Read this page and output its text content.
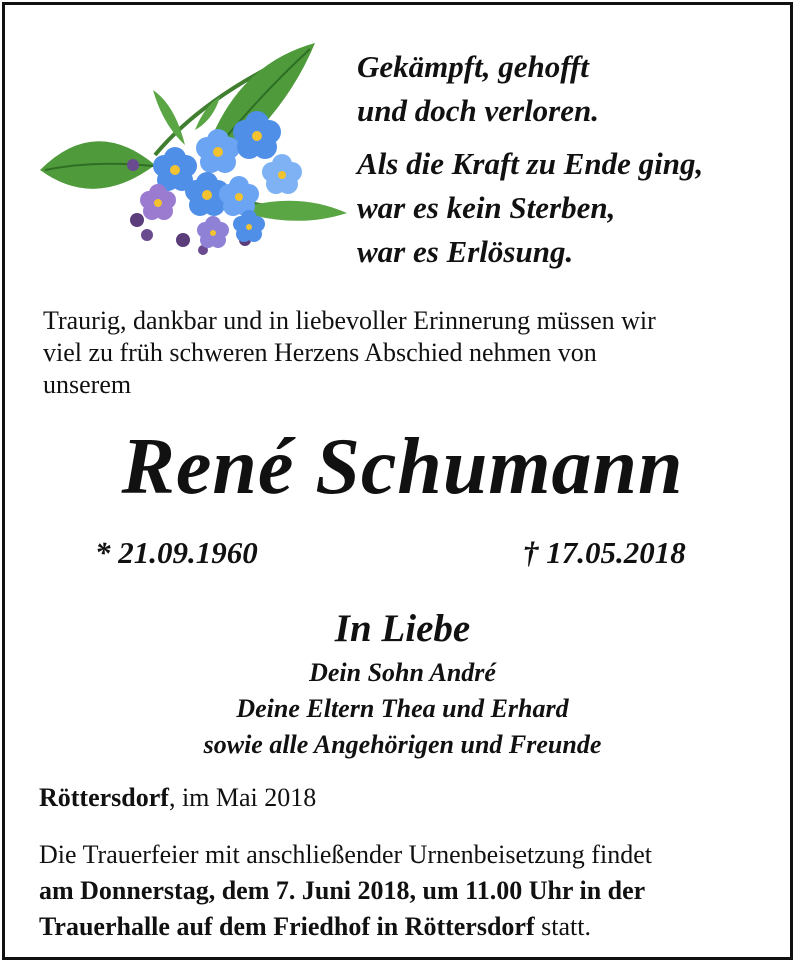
Gekämpft, gehofft
und doch verloren.
Als die Kraft zu Ende ging,
war es kein Sterben,
war es Erlösung.
Traurig, dankbar und in liebevoller Erinnerung müssen wir
viel zu früh schweren Herzens Abschied nehmen von
unserem
René Schumann
* 21.09.1960	† 17.05.2018
In Liebe
Dein Sohn André
Deine Eltern Thea und Erhard
sowie alle Angehörigen und Freunde
Röttersdorf, im Mai 2018
Die Trauerfeier mit anschließender Urnenbeisetzung findet
am Donnerstag, dem 7. Juni 2018, um 11.00 Uhr in der
Trauerhalle auf dem Friedhof in Röttersdorf statt.
